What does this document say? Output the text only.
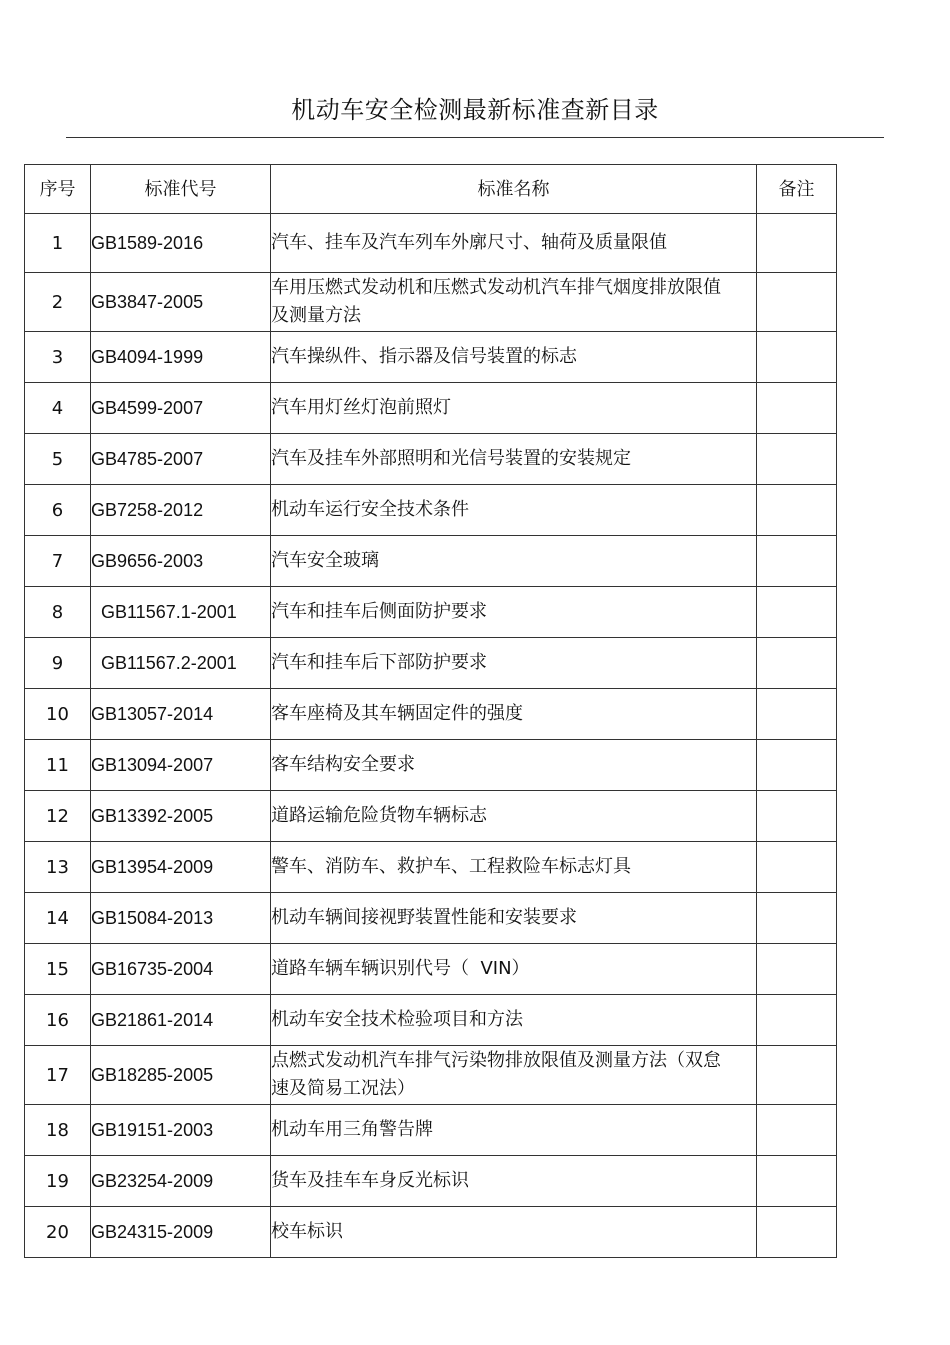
机动车安全检测最新标准查新目录
序号	标准代号	标准名称	备注
1	GB1589-2016	汽车、挂车及汽车列车外廓尺寸、轴荷及质量限值	
2	GB3847-2005	车用压燃式发动机和压燃式发动机汽车排气烟度排放限值及测量方法	
3	GB4094-1999	汽车操纵件、指示器及信号装置的标志	
4	GB4599-2007	汽车用灯丝灯泡前照灯	
5	GB4785-2007	汽车及挂车外部照明和光信号装置的安装规定	
6	GB7258-2012	机动车运行安全技术条件	
7	GB9656-2003	汽车安全玻璃	
8	GB11567.1-2001	汽车和挂车后侧面防护要求	
9	GB11567.2-2001	汽车和挂车后下部防护要求	
10	GB13057-2014	客车座椅及其车辆固定件的强度	
11	GB13094-2007	客车结构安全要求	
12	GB13392-2005	道路运输危险货物车辆标志	
13	GB13954-2009	警车、消防车、救护车、工程救险车标志灯具	
14	GB15084-2013	机动车辆间接视野装置性能和安装要求	
15	GB16735-2004	道路车辆车辆识别代号（  VIN）	
16	GB21861-2014	机动车安全技术检验项目和方法	
17	GB18285-2005	点燃式发动机汽车排气污染物排放限值及测量方法（双怠速及简易工况法）	
18	GB19151-2003	机动车用三角警告牌	
19	GB23254-2009	货车及挂车车身反光标识	
20	GB24315-2009	校车标识	
